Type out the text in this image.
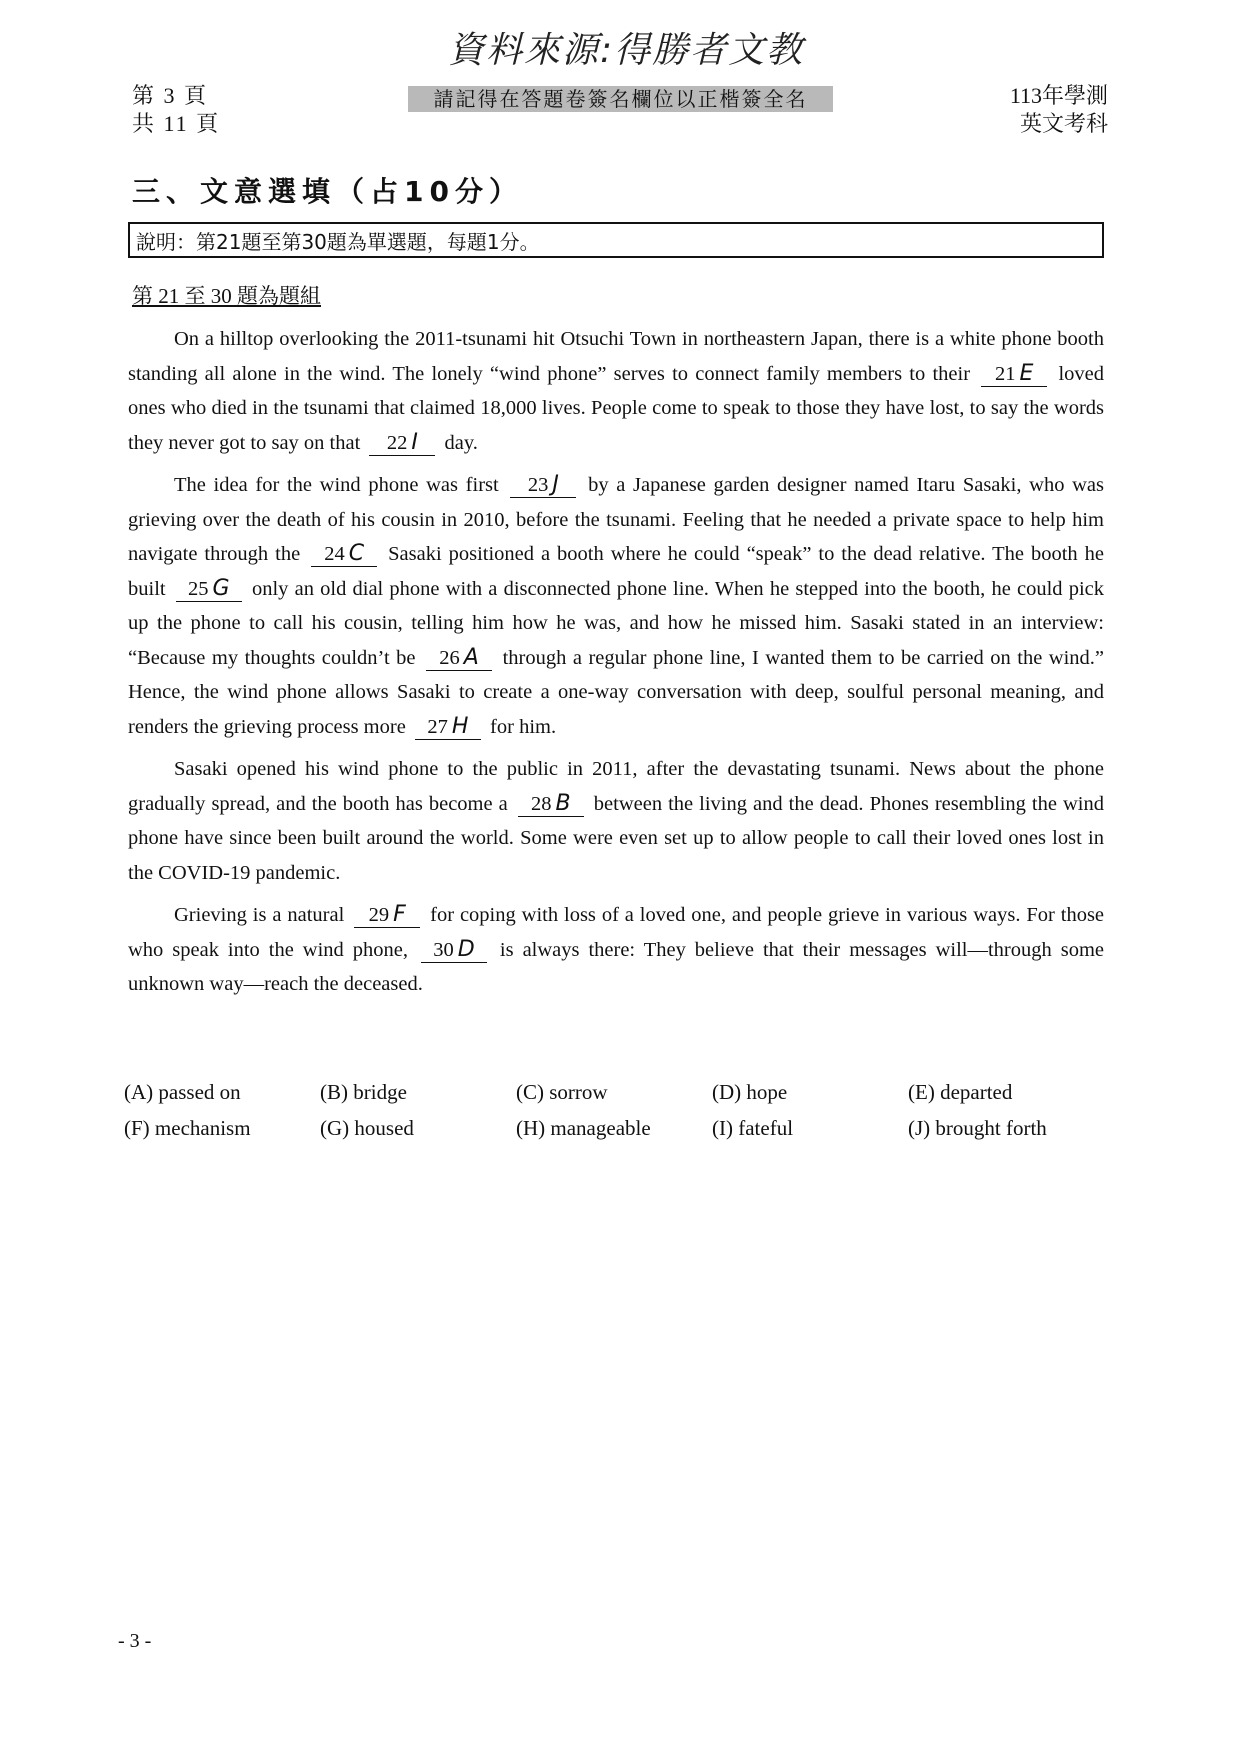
資料來源:得勝者文教
第 3 頁
共 11 頁
請記得在答題卷簽名欄位以正楷簽全名	113年學測
英文考科
三、文意選填（占10分）
說明：第21題至第30題為單選題，每題1分。
第 21 至 30 題為題組

On a hilltop overlooking the 2011-tsunami hit Otsuchi Town in northeastern Japan, there is a white phone booth standing all alone in the wind. The lonely “wind phone” serves to connect family members to their 21 E loved ones who died in the tsunami that claimed 18,000 lives. People come to speak to those they have lost, to say the words they never got to say on that 22 I day.

The idea for the wind phone was first 23 J by a Japanese garden designer named Itaru Sasaki, who was grieving over the death of his cousin in 2010, before the tsunami. Feeling that he needed a private space to help him navigate through the 24 C Sasaki positioned a booth where he could “speak” to the dead relative. The booth he built 25 G only an old dial phone with a disconnected phone line. When he stepped into the booth, he could pick up the phone to call his cousin, telling him how he was, and how he missed him. Sasaki stated in an interview: “Because my thoughts couldn’t be 26 A through a regular phone line, I wanted them to be carried on the wind.” Hence, the wind phone allows Sasaki to create a one-way conversation with deep, soulful personal meaning, and renders the grieving process more 27 H for him.

Sasaki opened his wind phone to the public in 2011, after the devastating tsunami. News about the phone gradually spread, and the booth has become a 28 B between the living and the dead. Phones resembling the wind phone have since been built around the world. Some were even set up to allow people to call their loved ones lost in the COVID-19 pandemic.

Grieving is a natural 29 F for coping with loss of a loved one, and people grieve in various ways. For those who speak into the wind phone, 30 D is always there: They believe that their messages will—through some unknown way—reach the deceased.

(A) passed on	(B) bridge	(C) sorrow	(D) hope	(E) departed
(F) mechanism	(G) housed	(H) manageable	(I) fateful	(J) brought forth
- 3 -
